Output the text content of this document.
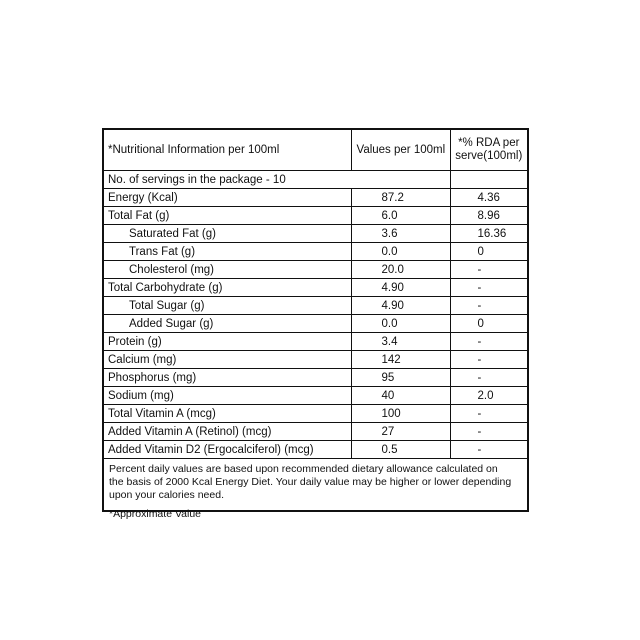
*Nutritional Information per 100ml	Values per 100ml	*% RDA per serve(100ml)
No. of servings in the package - 10		
Energy (Kcal)	87.2	4.36
Total Fat (g)	6.0	8.96
Saturated Fat (g)	3.6	16.36
Trans Fat (g)	0.0	0
Cholesterol (mg)	20.0	-
Total Carbohydrate (g)	4.90	-
Total Sugar (g)	4.90	-
Added Sugar (g)	0.0	0
Protein (g)	3.4	-
Calcium (mg)	142	-
Phosphorus (mg)	95	-
Sodium (mg)	40	2.0
Total Vitamin A (mcg)	100	-
Added Vitamin A (Retinol) (mcg)	27	-
Added Vitamin D2 (Ergocalciferol) (mcg)	0.5	-

Percent daily values are based upon recommended dietary allowance calculated on

the basis of 2000 Kcal Energy Diet. Your daily value may be higher or lower depending

upon your calories need.

*Approximate Value
